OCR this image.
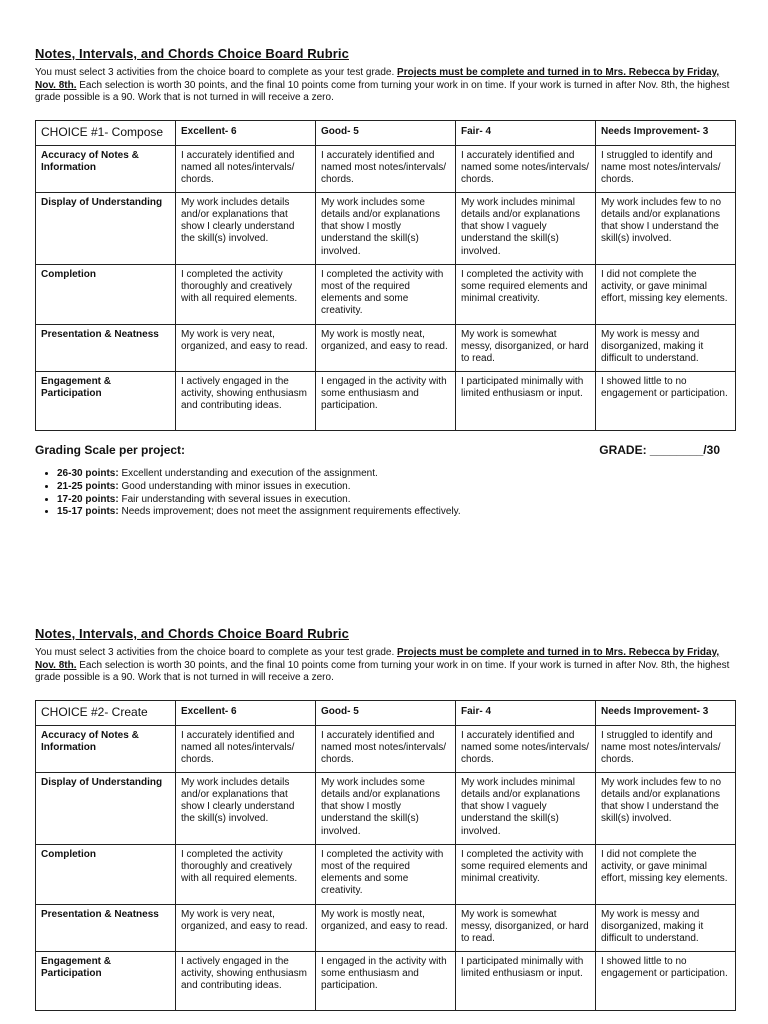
Notes, Intervals, and Chords Choice Board Rubric

You must select 3 activities from the choice board to complete as your test grade. Projects must be complete and turned in to Mrs. Rebecca by Friday, Nov. 8th. Each selection is worth 30 points, and the final 10 points come from turning your work in on time. If your work is turned in after Nov. 8th, the highest grade possible is a 90. Work that is not turned in will receive a zero.

CHOICE #1- Compose	Excellent- 6	Good- 5	Fair- 4	Needs Improvement- 3
Accuracy of Notes & Information	I accurately identified and named all notes/intervals/ chords.	I accurately identified and named most notes/intervals/ chords.	I accurately identified and named some notes/intervals/ chords.	I struggled to identify and name most notes/intervals/ chords.
Display of Understanding	My work includes details and/or explanations that show I clearly understand the skill(s) involved.	My work includes some details and/or explanations that show I mostly understand the skill(s) involved.	My work includes minimal details and/or explanations that show I vaguely understand the skill(s) involved.	My work includes few to no details and/or explanations that show I understand the skill(s) involved.
Completion	I completed the activity thoroughly and creatively with all required elements.	I completed the activity with most of the required elements and some creativity.	I completed the activity with some required elements and minimal creativity.	I did not complete the activity, or gave minimal effort, missing key elements.
Presentation & Neatness	My work is very neat, organized, and easy to read.	My work is mostly neat, organized, and easy to read.	My work is somewhat messy, disorganized, or hard to read.	My work is messy and disorganized, making it difficult to understand.
Engagement & Participation	I actively engaged in the activity, showing enthusiasm and contributing ideas.	I engaged in the activity with some enthusiasm and participation.	I participated minimally with limited enthusiasm or input.	I showed little to no engagement or participation.
Grading Scale per project:	GRADE: ________/30
• 26-30 points: Excellent understanding and execution of the assignment.
• 21-25 points: Good understanding with minor issues in execution.
• 17-20 points: Fair understanding with several issues in execution.
• 15-17 points: Needs improvement; does not meet the assignment requirements effectively.
Notes, Intervals, and Chords Choice Board Rubric

You must select 3 activities from the choice board to complete as your test grade. Projects must be complete and turned in to Mrs. Rebecca by Friday, Nov. 8th. Each selection is worth 30 points, and the final 10 points come from turning your work in on time. If your work is turned in after Nov. 8th, the highest grade possible is a 90. Work that is not turned in will receive a zero.

CHOICE #2- Create	Excellent- 6	Good- 5	Fair- 4	Needs Improvement- 3
Accuracy of Notes & Information	I accurately identified and named all notes/intervals/ chords.	I accurately identified and named most notes/intervals/ chords.	I accurately identified and named some notes/intervals/ chords.	I struggled to identify and name most notes/intervals/ chords.
Display of Understanding	My work includes details and/or explanations that show I clearly understand the skill(s) involved.	My work includes some details and/or explanations that show I mostly understand the skill(s) involved.	My work includes minimal details and/or explanations that show I vaguely understand the skill(s) involved.	My work includes few to no details and/or explanations that show I understand the skill(s) involved.
Completion	I completed the activity thoroughly and creatively with all required elements.	I completed the activity with most of the required elements and some creativity.	I completed the activity with some required elements and minimal creativity.	I did not complete the activity, or gave minimal effort, missing key elements.
Presentation & Neatness	My work is very neat, organized, and easy to read.	My work is mostly neat, organized, and easy to read.	My work is somewhat messy, disorganized, or hard to read.	My work is messy and disorganized, making it difficult to understand.
Engagement & Participation	I actively engaged in the activity, showing enthusiasm and contributing ideas.	I engaged in the activity with some enthusiasm and participation.	I participated minimally with limited enthusiasm or input.	I showed little to no engagement or participation.
